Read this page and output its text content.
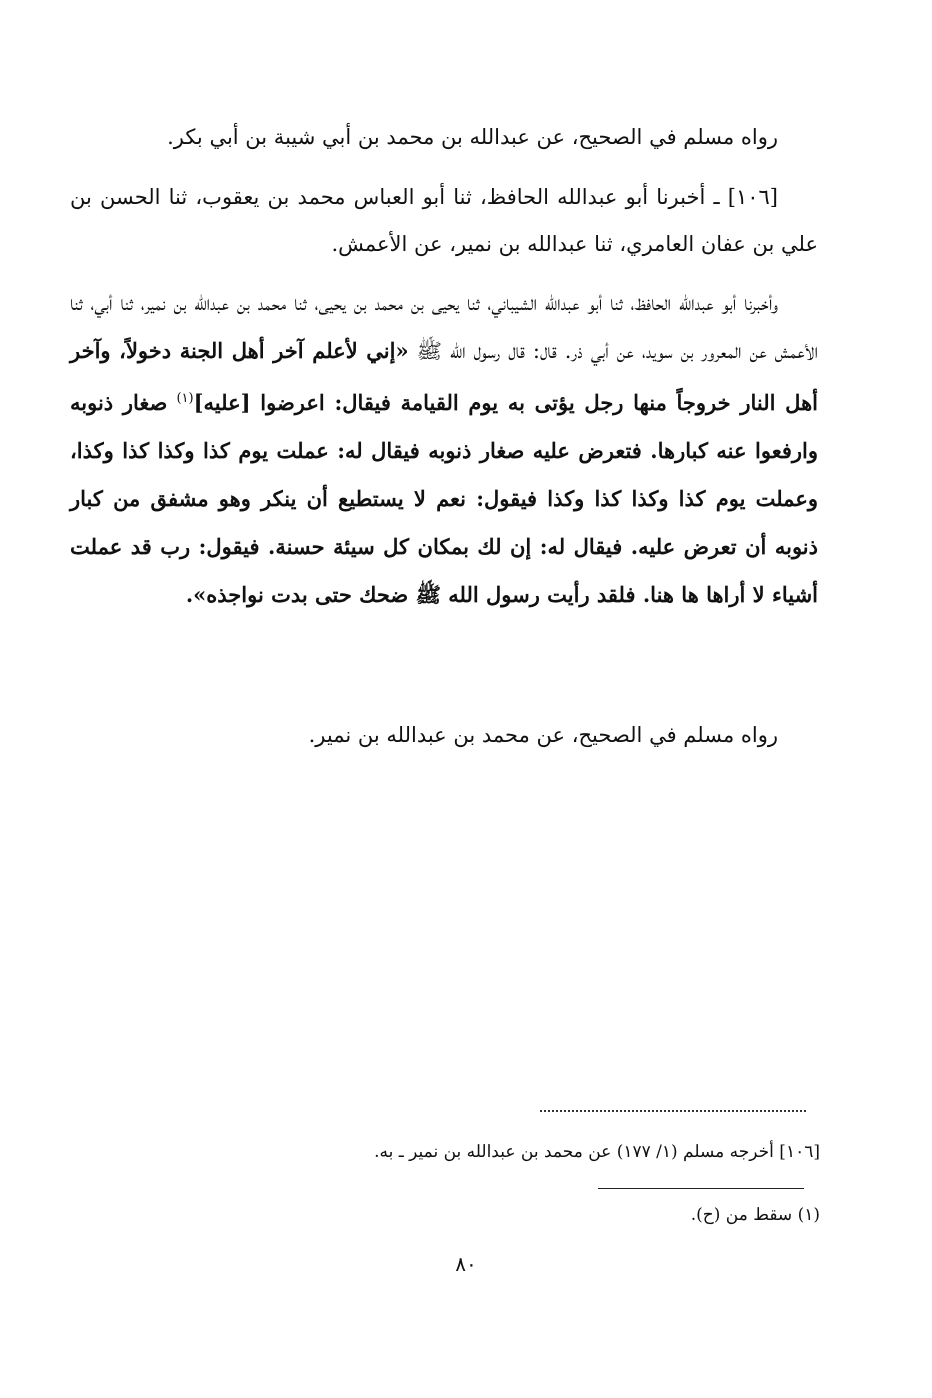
رواه مسلم في الصحيح، عن عبدالله بن محمد بن أبي شيبة بن أبي بكر.

[١٠٦] ـ أخبرنا أبو عبدالله الحافظ، ثنا أبو العباس محمد بن يعقوب، ثنا الحسن بن علي بن عفان العامري، ثنا عبدالله بن نمير، عن الأعمش.

وأخبرنا أبو عبدالله الحافظ، ثنا أبو عبدالله الشيباني، ثنا يحيى بن محمد بن يحيى، ثنا محمد بن عبدالله بن نمير، ثنا أبي، ثنا الأعمش عن المعرور بن سويد، عن أبي ذر. قال: قال رسول الله ﷺ «إني لأعلم آخر أهل الجنة دخولاً، وآخر أهل النار خروجاً منها رجل يؤتى به يوم القيامة فيقال: اعرضوا [عليه]$^{(١)}$ صغار ذنوبه وارفعوا عنه كبارها. فتعرض عليه صغار ذنوبه فيقال له: عملت يوم كذا وكذا كذا وكذا، وعملت يوم كذا وكذا كذا وكذا فيقول: نعم لا يستطيع أن ينكر وهو مشفق من كبار ذنوبه أن تعرض عليه. فيقال له: إن لك بمكان كل سيئة حسنة. فيقول: رب قد عملت أشياء لا أراها ها هنا. فلقد رأيت رسول الله ﷺ ضحك حتى بدت نواجذه».

رواه مسلم في الصحيح، عن محمد بن عبدالله بن نمير.

[١٠٦] أخرجه مسلم (١/ ١٧٧) عن محمد بن عبدالله بن نمير ـ به.
(١) سقط من (ح).
٨٠
